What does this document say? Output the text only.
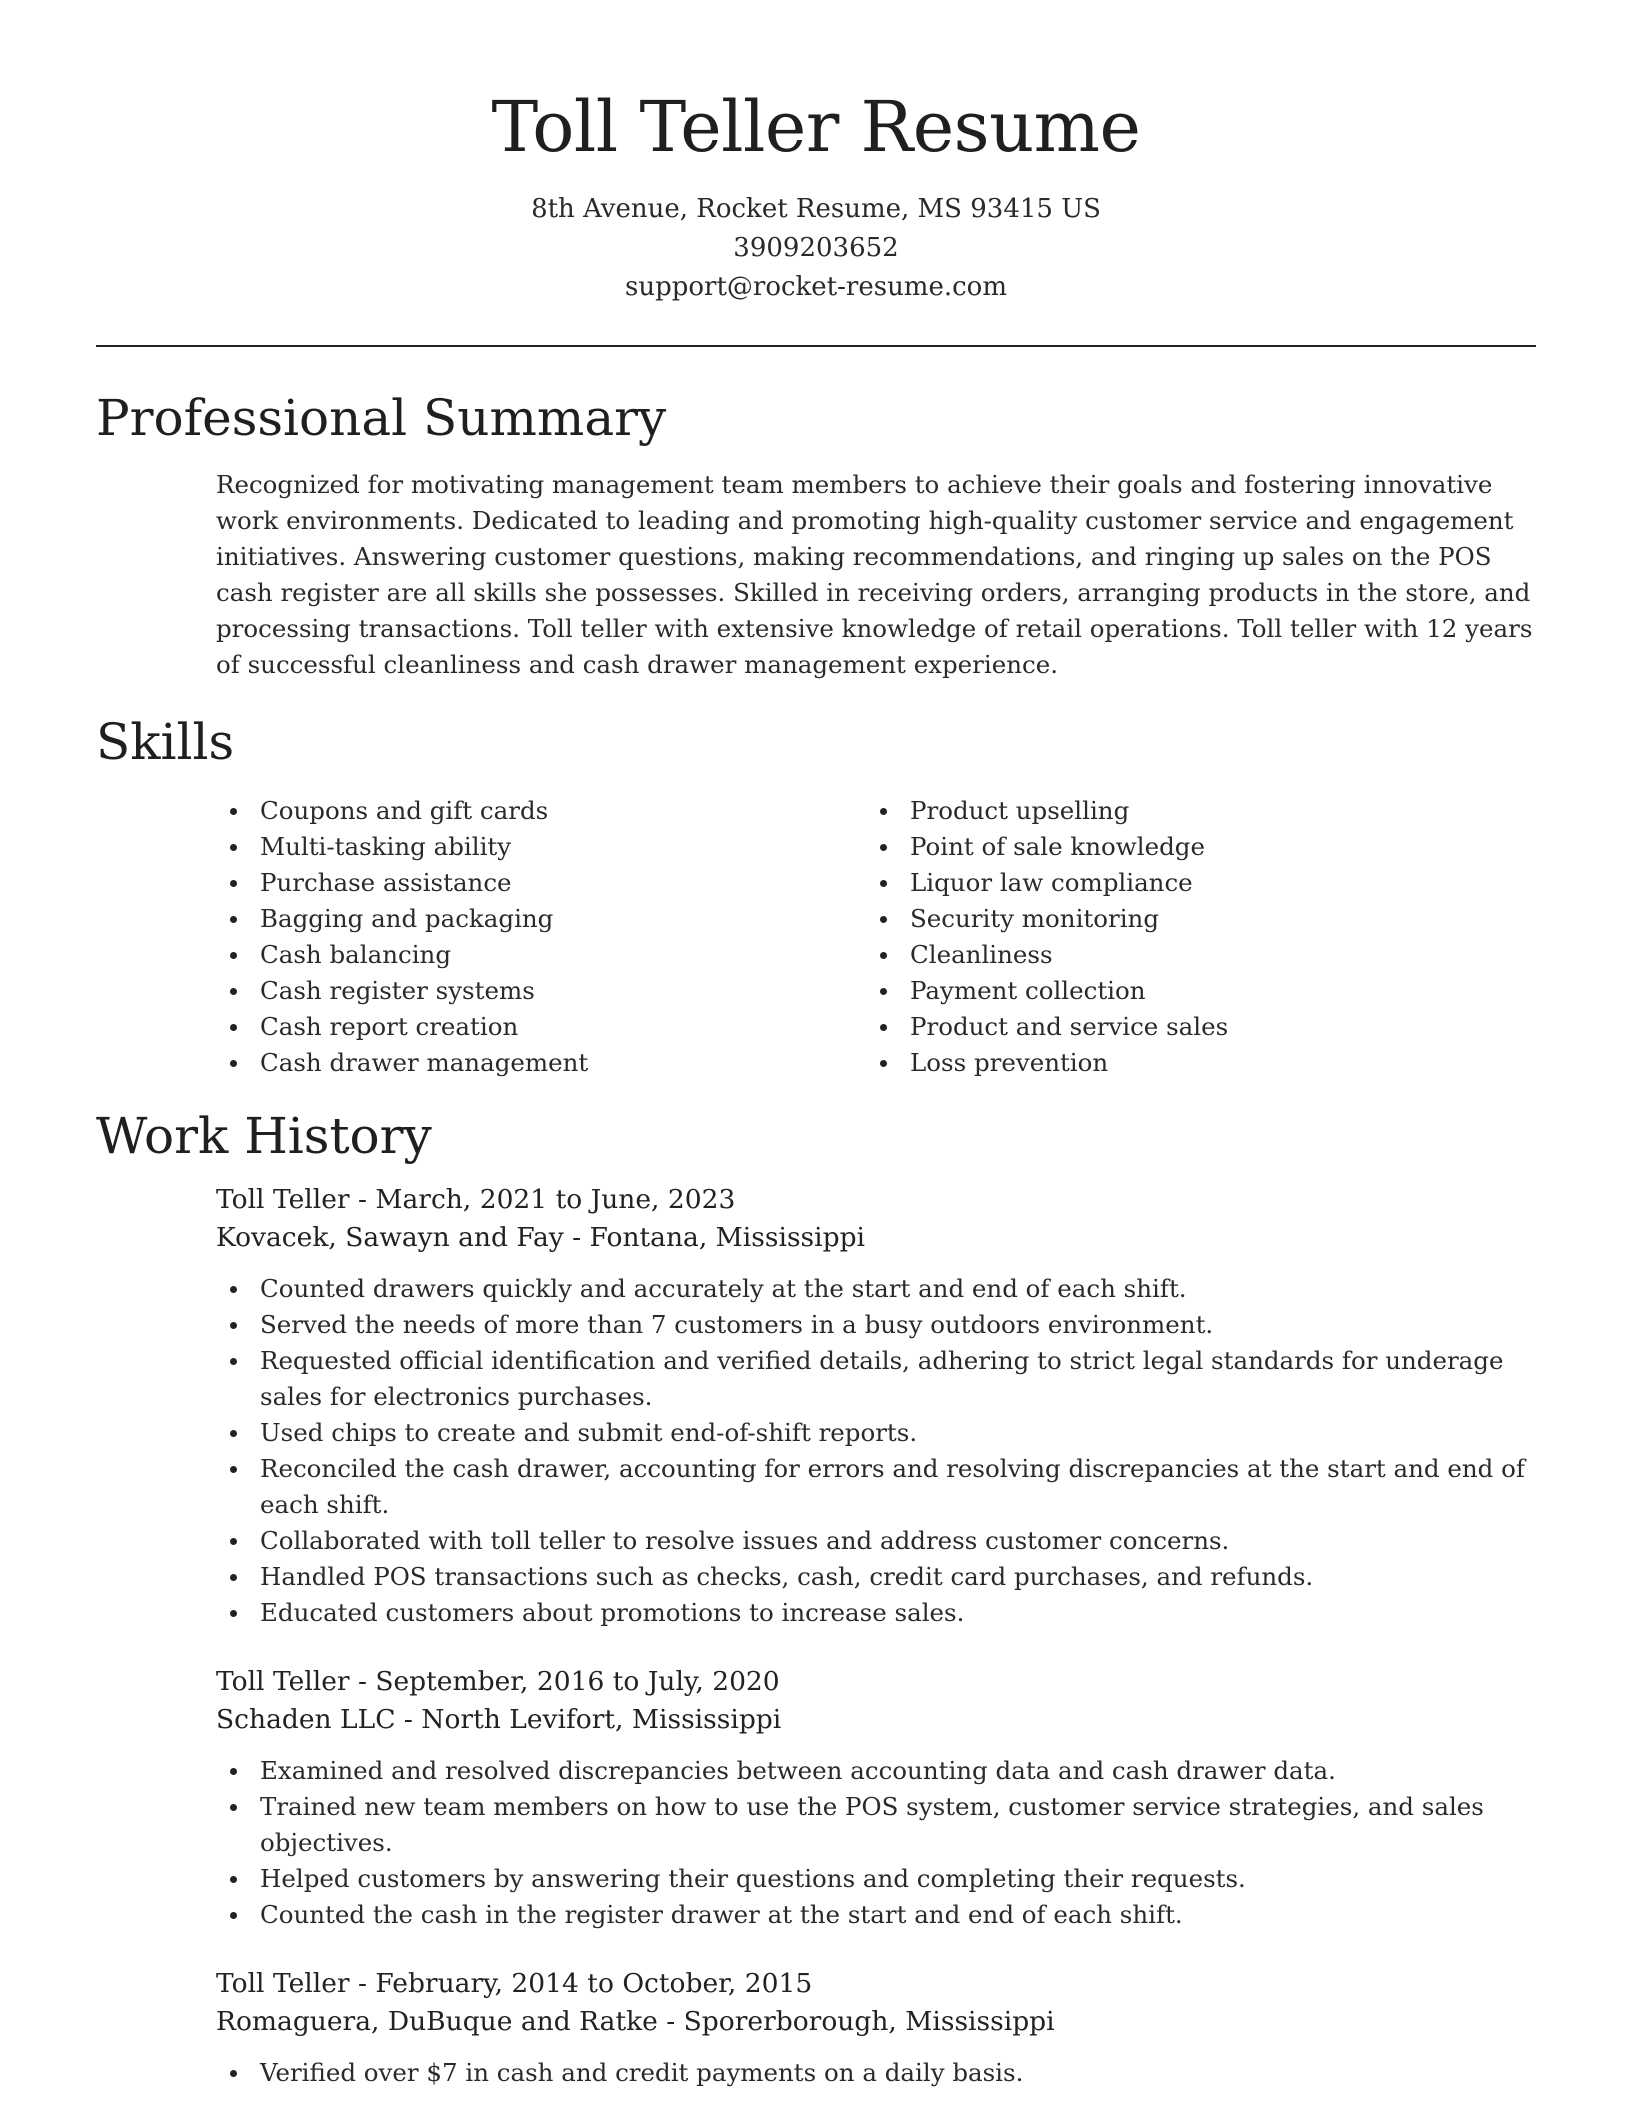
Toll Teller Resume
8th Avenue, Rocket Resume, MS 93415 US
3909203652
support@rocket-resume.com
Professional Summary

Recognized for motivating management team members to achieve their goals and fostering innovative work environments. Dedicated to leading and promoting high-quality customer service and engagement initiatives. Answering customer questions, making recommendations, and ringing up sales on the POS cash register are all skills she possesses. Skilled in receiving orders, arranging products in the store, and processing transactions. Toll teller with extensive knowledge of retail operations. Toll teller with 12 years of successful cleanliness and cash drawer management experience.

Skills
Coupons and gift cards
Multi-tasking ability
Purchase assistance
Bagging and packaging
Cash balancing
Cash register systems
Cash report creation
Cash drawer management
Product upselling
Point of sale knowledge
Liquor law compliance
Security monitoring
Cleanliness
Payment collection
Product and service sales
Loss prevention
Work History
Toll Teller - March, 2021 to June, 2023
Kovacek, Sawayn and Fay - Fontana, Mississippi
Counted drawers quickly and accurately at the start and end of each shift.
Served the needs of more than 7 customers in a busy outdoors environment.
Requested official identification and verified details, adhering to strict legal standards for underage sales for electronics purchases.
Used chips to create and submit end-of-shift reports.
Reconciled the cash drawer, accounting for errors and resolving discrepancies at the start and end of each shift.
Collaborated with toll teller to resolve issues and address customer concerns.
Handled POS transactions such as checks, cash, credit card purchases, and refunds.
Educated customers about promotions to increase sales.
Toll Teller - September, 2016 to July, 2020
Schaden LLC - North Levifort, Mississippi
Examined and resolved discrepancies between accounting data and cash drawer data.
Trained new team members on how to use the POS system, customer service strategies, and sales objectives.
Helped customers by answering their questions and completing their requests.
Counted the cash in the register drawer at the start and end of each shift.
Toll Teller - February, 2014 to October, 2015
Romaguera, DuBuque and Ratke - Sporerborough, Mississippi
Verified over $7 in cash and credit payments on a daily basis.
